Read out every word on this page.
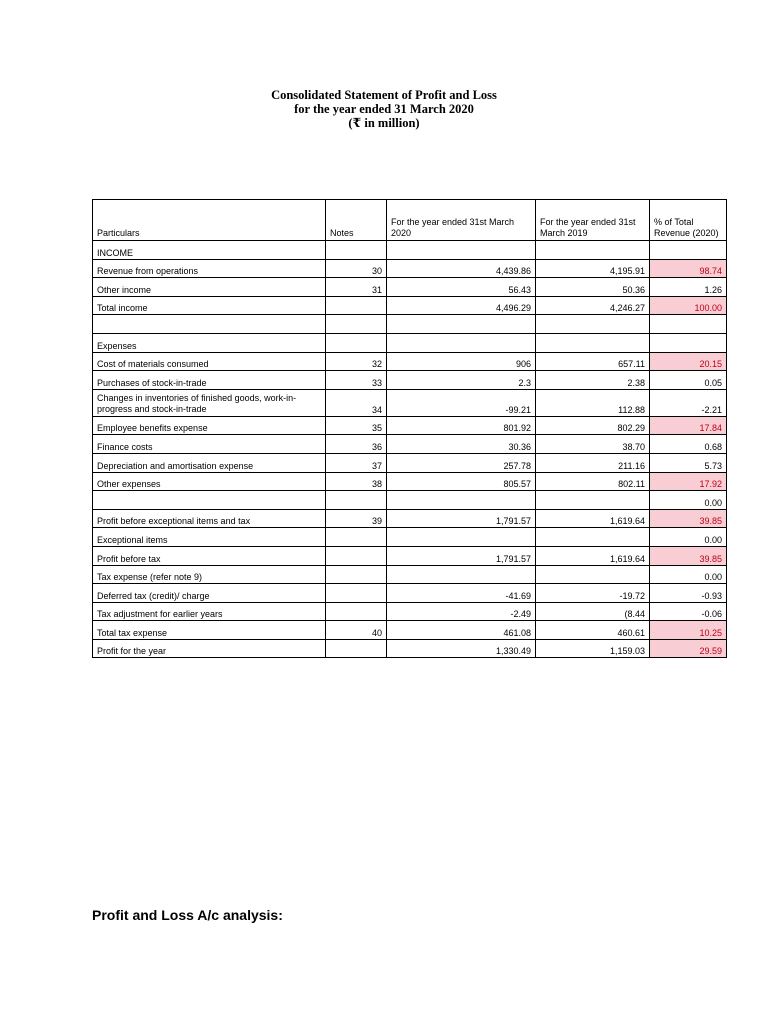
Consolidated Statement of Profit and Loss
for the year ended 31 March 2020
(₹ in million)
Particulars	Notes	For the year ended 31st March 2020	For the year ended 31st March 2019	% of Total Revenue (2020)
INCOME				
Revenue from operations	30	4,439.86	4,195.91	98.74
Other income	31	56.43	50.36	1.26
Total income		4,496.29	4,246.27	100.00

Expenses				
Cost of materials consumed	32	906	657.11	20.15
Purchases of stock-in-trade	33	2.3	2.38	0.05
Changes in inventories of finished goods, work-in-progress and stock-in-trade	34	-99.21	112.88	-2.21
Employee benefits expense	35	801.92	802.29	17.84
Finance costs	36	30.36	38.70	0.68
Depreciation and amortisation expense	37	257.78	211.16	5.73
Other expenses	38	805.57	802.11	17.92
				0.00
Profit before exceptional items and tax	39	1,791.57	1,619.64	39.85
Exceptional items				0.00
Profit before tax		1,791.57	1,619.64	39.85
Tax expense (refer note 9)				0.00
Deferred tax (credit)/ charge		-41.69	-19.72	-0.93
Tax adjustment for earlier years		-2.49	(8.44	-0.06
Total tax expense	40	461.08	460.61	10.25
Profit for the year		1,330.49	1,159.03	29.59
Profit and Loss A/c analysis:
